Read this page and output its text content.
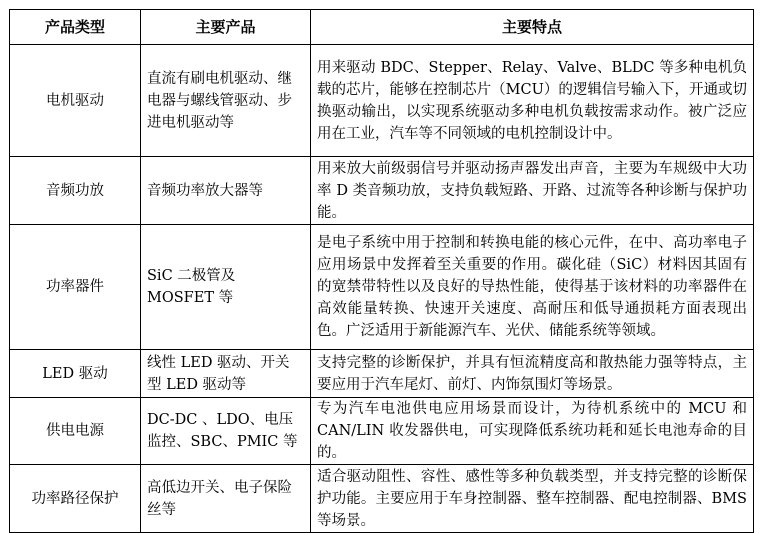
产品类型	主要产品	主要特点
电机驱动	直流有刷电机驱动、继电器与螺线管驱动、步进电机驱动等	用来驱动 BDC、Stepper、Relay、Valve、BLDC 等多种电机负载的芯片，能够在控制芯片（MCU）的逻辑信号输入下，开通或切换驱动输出，以实现系统驱动多种电机负载按需求动作。被广泛应用在工业，汽车等不同领域的电机控制设计中。
音频功放	音频功率放大器等	用来放大前级弱信号并驱动扬声器发出声音，主要为车规级中大功率 D 类音频功放，支持负载短路、开路、过流等各种诊断与保护功能。
功率器件	SiC 二极管及 MOSFET 等	是电子系统中用于控制和转换电能的核心元件，在中、高功率电子应用场景中发挥着至关重要的作用。碳化硅（SiC）材料因其固有的宽禁带特性以及良好的导热性能，使得基于该材料的功率器件在高效能量转换、快速开关速度、高耐压和低导通损耗方面表现出色。广泛适用于新能源汽车、光伏、储能系统等领域。
LED 驱动	线性 LED 驱动、开关型 LED 驱动等	支持完整的诊断保护，并具有恒流精度高和散热能力强等特点，主要应用于汽车尾灯、前灯、内饰氛围灯等场景。
供电电源	DC-DC 、LDO、电压监控、SBC、PMIC 等	专为汽车电池供电应用场景而设计，为待机系统中的 MCU 和 CAN/LIN 收发器供电，可实现降低系统功耗和延长电池寿命的目的。
功率路径保护	高低边开关、电子保险丝等	适合驱动阻性、容性、感性等多种负载类型，并支持完整的诊断保护功能。主要应用于车身控制器、整车控制器、配电控制器、BMS 等场景。
